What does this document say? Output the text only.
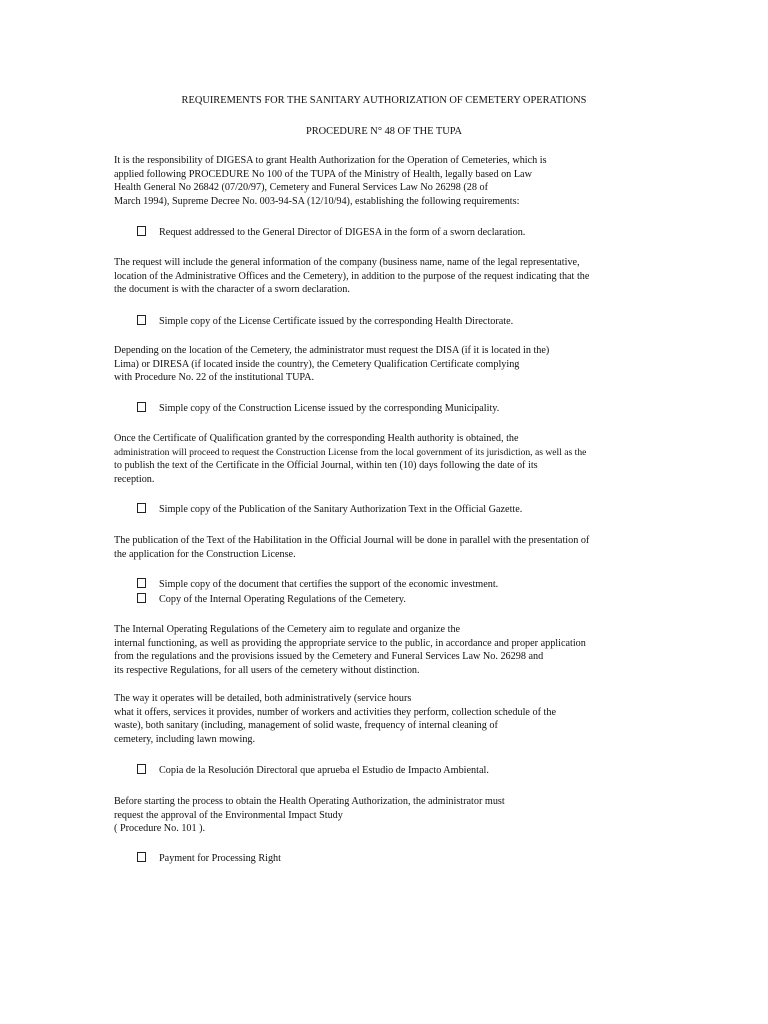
REQUIREMENTS FOR THE SANITARY AUTHORIZATION OF CEMETERY OPERATIONS
PROCEDURE N° 48 OF THE TUPA
It is the responsibility of DIGESA to grant Health Authorization for the Operation of Cemeteries, which is
applied following PROCEDURE No 100 of the TUPA of the Ministry of Health, legally based on Law
Health General No 26842 (07/20/97), Cemetery and Funeral Services Law No 26298 (28 of
March 1994), Supreme Decree No. 003-94-SA (12/10/94), establishing the following requirements:
Request addressed to the General Director of DIGESA in the form of a sworn declaration.
The request will include the general information of the company (business name, name of the legal representative,
location of the Administrative Offices and the Cemetery), in addition to the purpose of the request indicating that the
the document is with the character of a sworn declaration.
Simple copy of the License Certificate issued by the corresponding Health Directorate.
Depending on the location of the Cemetery, the administrator must request the DISA (if it is located in the)
Lima) or DIRESA (if located inside the country), the Cemetery Qualification Certificate complying
with Procedure No. 22 of the institutional TUPA.
Simple copy of the Construction License issued by the corresponding Municipality.
Once the Certificate of Qualification granted by the corresponding Health authority is obtained, the
administration will proceed to request the Construction License from the local government of its jurisdiction, as well as the
to publish the text of the Certificate in the Official Journal, within ten (10) days following the date of its
reception.
Simple copy of the Publication of the Sanitary Authorization Text in the Official Gazette.
The publication of the Text of the Habilitation in the Official Journal will be done in parallel with the presentation of
the application for the Construction License.
Simple copy of the document that certifies the support of the economic investment.
Copy of the Internal Operating Regulations of the Cemetery.
The Internal Operating Regulations of the Cemetery aim to regulate and organize the
internal functioning, as well as providing the appropriate service to the public, in accordance and proper application
from the regulations and the provisions issued by the Cemetery and Funeral Services Law No. 26298 and
its respective Regulations, for all users of the cemetery without distinction.
The way it operates will be detailed, both administratively (service hours
what it offers, services it provides, number of workers and activities they perform, collection schedule of the
waste), both sanitary (including, management of solid waste, frequency of internal cleaning of
cemetery, including lawn mowing.
Copia de la Resolución Directoral que aprueba el Estudio de Impacto Ambiental.
Before starting the process to obtain the Health Operating Authorization, the administrator must
request the approval of the Environmental Impact Study
( Procedure No. 101 ).
Payment for Processing Right
